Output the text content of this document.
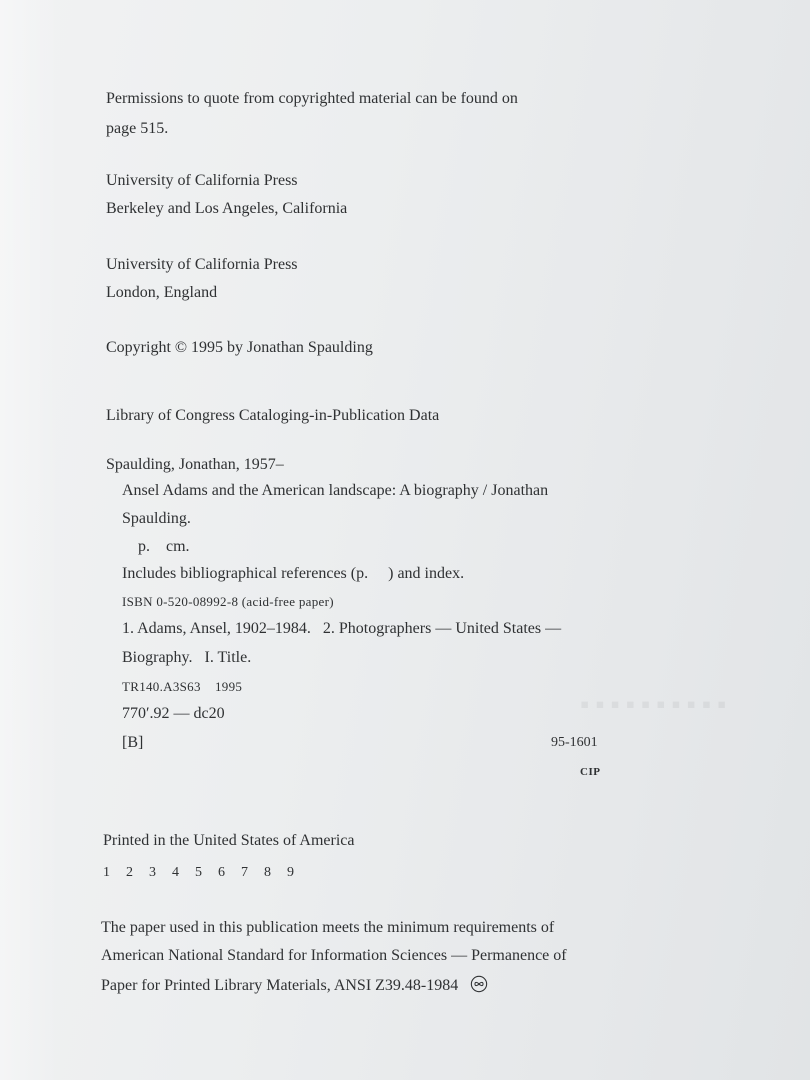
▪▪▪▪▪▪▪▪▪▪
Permissions to quote from copyrighted material can be found on
page 515.
University of California Press
Berkeley and Los Angeles, California
University of California Press
London, England
Copyright © 1995 by Jonathan Spaulding
Library of Congress Cataloging-in-Publication Data
Spaulding, Jonathan, 1957–
Ansel Adams and the American landscape: A biography / Jonathan
Spaulding.
p.    cm.
Includes bibliographical references (p.     ) and index.
ISBN 0-520-08992-8 (acid-free paper)
1. Adams, Ansel, 1902–1984.   2. Photographers — United States —
Biography.   I. Title.
TR140.A3S63    1995
770′.92 — dc20
[B]	95-1601
CIP
Printed in the United States of America
1 2 3 4 5 6 7 8 9
The paper used in this publication meets the minimum requirements of
American National Standard for Information Sciences — Permanence of
Paper for Printed Library Materials, ANSI Z39.48-1984
